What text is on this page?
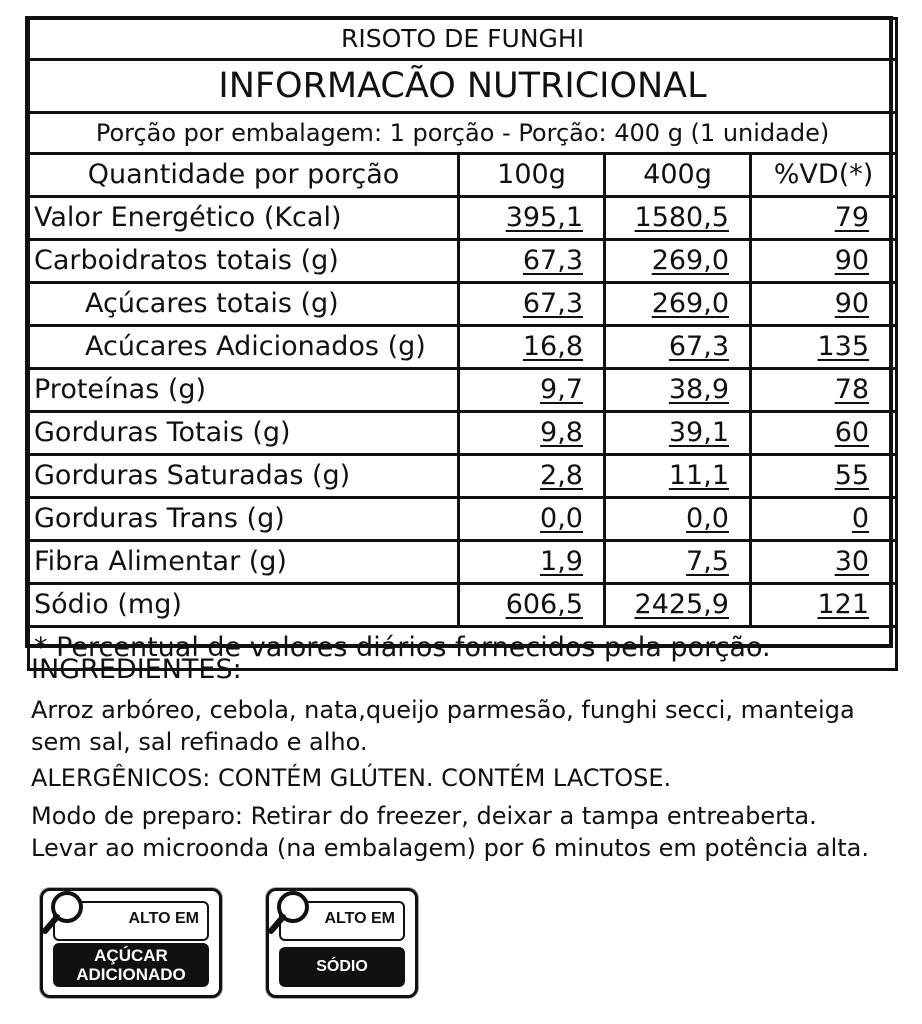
RISOTO DE FUNGHI			
INFORMACÃO NUTRICIONAL			
Porção por embalagem: 1 porção - Porção: 400 g (1 unidade)			
Quantidade por porção	100g	400g	%VD(*)
Valor Energético (Kcal)	395,1	1580,5	79
Carboidratos totais (g)	67,3	269,0	90
Açúcares totais (g)	67,3	269,0	90
Acúcares Adicionados (g)	16,8	67,3	135
Proteínas (g)	9,7	38,9	78
Gorduras Totais (g)	9,8	39,1	60
Gorduras Saturadas (g)	2,8	11,1	55
Gorduras Trans (g)	0,0	0,0	0
Fibra Alimentar (g)	1,9	7,5	30
Sódio (mg)	606,5	2425,9	121
* Percentual de valores diários fornecidos pela porção.			
INGREDIENTES:
Arroz arbóreo, cebola, nata,queijo parmesão, funghi secci, manteiga sem sal, sal refinado e alho.
ALERGÊNICOS: CONTÉM GLÚTEN. CONTÉM LACTOSE.
Modo de preparo: Retirar do freezer, deixar a tampa entreaberta.
Levar ao microonda (na embalagem) por 6 minutos em potência alta.
ALTO EM
AÇÚCAR
ADICIONADO
ALTO EM
SÓDIO
